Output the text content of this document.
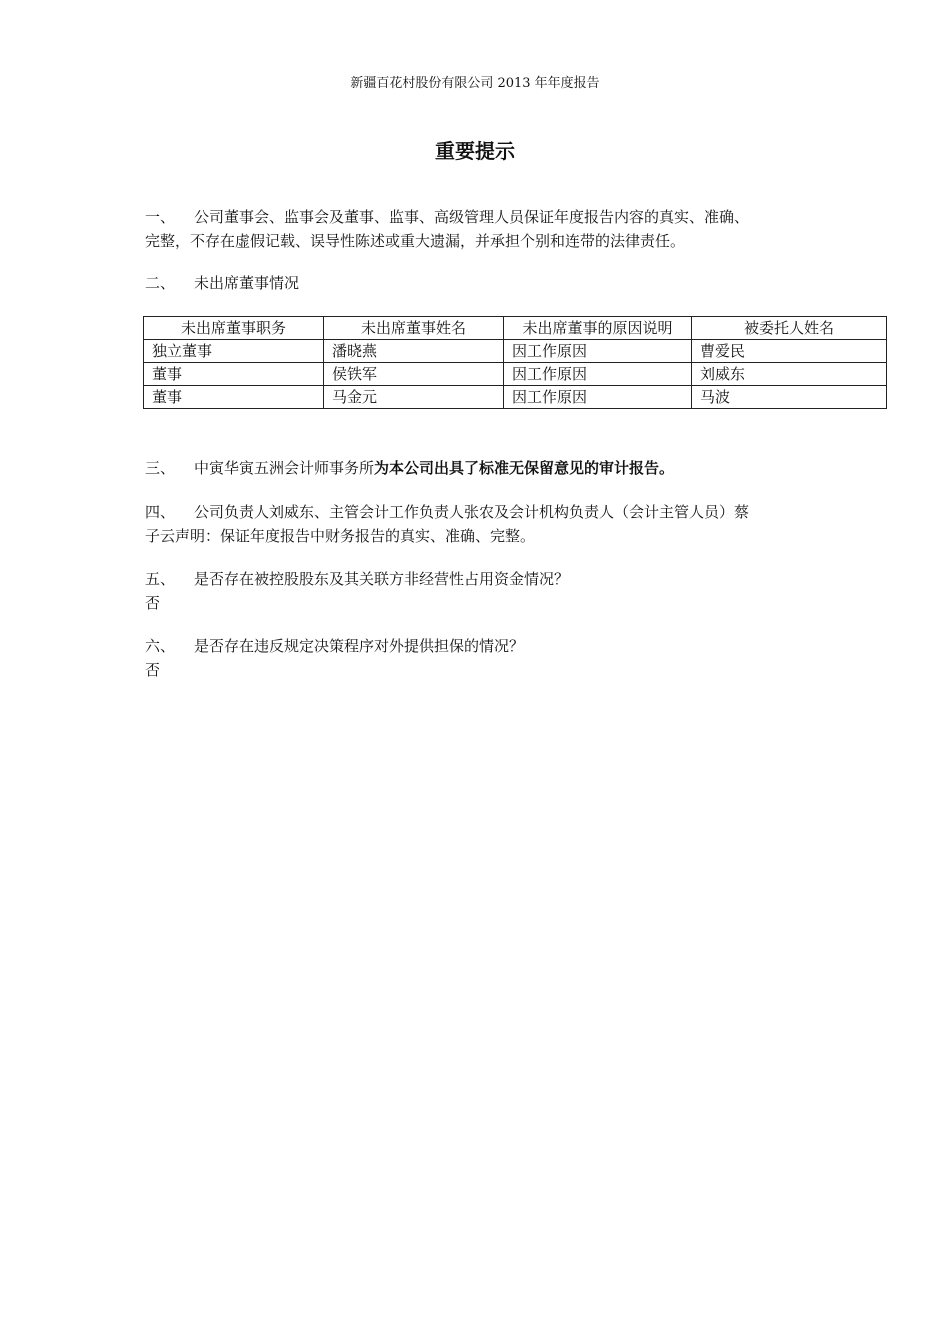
新疆百花村股份有限公司 2013 年年度报告
重要提示
一、 公司董事会、监事会及董事、监事、高级管理人员保证年度报告内容的真实、准确、
完整，不存在虚假记载、误导性陈述或重大遗漏，并承担个别和连带的法律责任。
二、 未出席董事情况
未出席董事职务	未出席董事姓名	未出席董事的原因说明	被委托人姓名
独立董事	潘晓燕	因工作原因	曹爱民
董事	侯铁军	因工作原因	刘威东
董事	马金元	因工作原因	马波
三、 中寅华寅五洲会计师事务所为本公司出具了标准无保留意见的审计报告。
四、 公司负责人刘威东、主管会计工作负责人张农及会计机构负责人（会计主管人员）蔡
子云声明：保证年度报告中财务报告的真实、准确、完整。
五、 是否存在被控股股东及其关联方非经营性占用资金情况？
否
六、 是否存在违反规定决策程序对外提供担保的情况？
否
